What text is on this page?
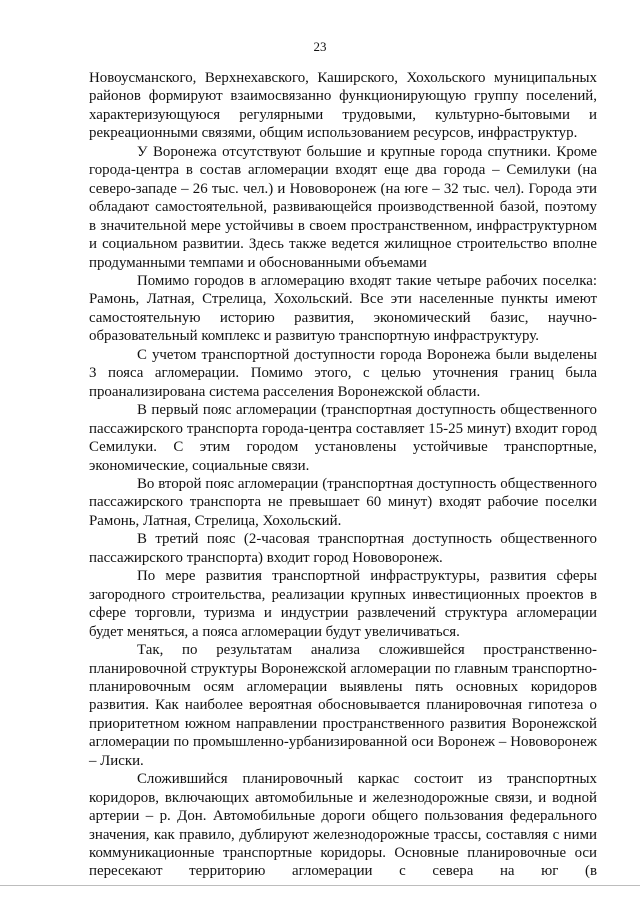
23

Новоусманского, Верхнехавского, Каширского, Хохольского муниципальных районов формируют взаимосвязанно функционирующую группу поселений, характеризующуюся регулярными трудовыми, культурно-бытовыми и рекреационными связями, общим использованием ресурсов, инфраструктур.

У Воронежа отсутствуют большие и крупные города спутники. Кроме города-центра в состав агломерации входят еще два города – Семилуки (на северо-западе – 26 тыс. чел.) и Нововоронеж (на юге – 32 тыс. чел). Города эти обладают самостоятельной, развивающейся производственной базой, поэтому в значительной мере устойчивы в своем пространственном, инфраструктурном и социальном развитии. Здесь также ведется жилищное строительство вполне продуманными темпами и обоснованными объемами

Помимо городов в агломерацию входят такие четыре рабочих поселка: Рамонь, Латная, Стрелица, Хохольский. Все эти населенные пункты имеют самостоятельную историю развития, экономический базис, научно-образовательный комплекс и развитую транспортную инфраструктуру.

С учетом транспортной доступности города Воронежа были выделены 3 пояса агломерации. Помимо этого, с целью уточнения границ была проанализирована система расселения Воронежской области.

В первый пояс агломерации (транспортная доступность общественного пассажирского транспорта города-центра составляет 15-25 минут) входит город Семилуки. С этим городом установлены устойчивые транспортные, экономические, социальные связи.

Во второй пояс агломерации (транспортная доступность общественного пассажирского транспорта не превышает 60 минут) входят рабочие поселки Рамонь, Латная, Стрелица, Хохольский.

В третий пояс (2-часовая транспортная доступность общественного пассажирского транспорта) входит город Нововоронеж.

По мере развития транспортной инфраструктуры, развития сферы загородного строительства, реализации крупных инвестиционных проектов в сфере торговли, туризма и индустрии развлечений структура агломерации будет меняться, а пояса агломерации будут увеличиваться.

Так, по результатам анализа сложившейся пространственно-планировочной структуры Воронежской агломерации по главным транспортно-планировочным осям агломерации выявлены пять основных коридоров развития. Как наиболее вероятная обосновывается планировочная гипотеза о приоритетном южном направлении пространственного развития Воронежской агломерации по промышленно-урбанизированной оси Воронеж – Нововоронеж – Лиски.

Сложившийся планировочный каркас состоит из транспортных коридоров, включающих автомобильные и железнодорожные связи, и водной артерии – р. Дон. Автомобильные дороги общего пользования федерального значения, как правило, дублируют железнодорожные трассы, составляя с ними коммуникационные транспортные коридоры. Основные планировочные оси пересекают территорию агломерации с севера на юг (в
